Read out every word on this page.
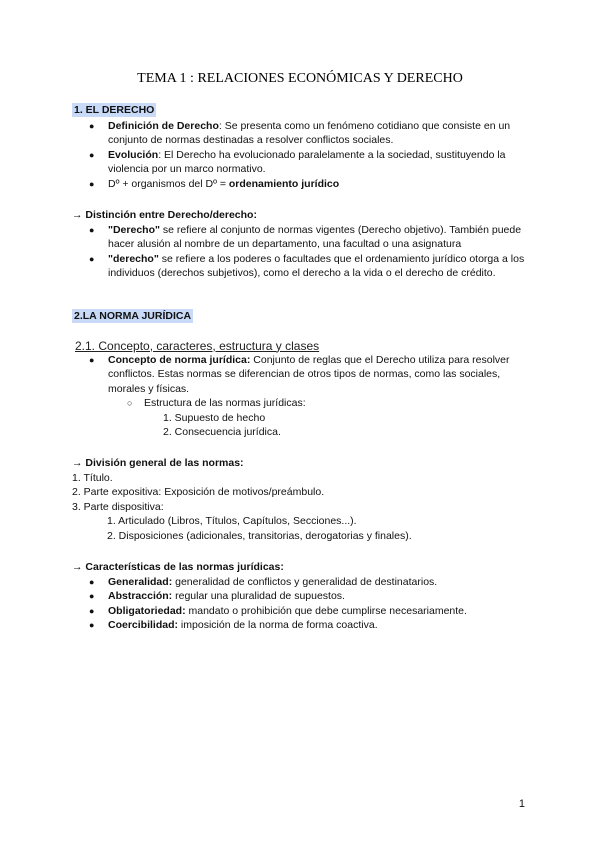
TEMA 1 : RELACIONES ECONÓMICAS Y DERECHO
1. EL DERECHO
● Definición de Derecho: Se presenta como un fenómeno cotidiano que consiste en un conjunto de normas destinadas a resolver conflictos sociales.
● Evolución: El Derecho ha evolucionado paralelamente a la sociedad, sustituyendo la violencia por un marco normativo.
● Dº + organismos del Dº = ordenamiento jurídico
→ Distinción entre Derecho/derecho:
● "Derecho" se refiere al conjunto de normas vigentes (Derecho objetivo). También puede hacer alusión al nombre de un departamento, una facultad o una asignatura
● "derecho" se refiere a los poderes o facultades que el ordenamiento jurídico otorga a los individuos (derechos subjetivos), como el derecho a la vida o el derecho de crédito.
2.LA NORMA JURÍDICA
2.1. Concepto, caracteres, estructura y clases
● Concepto de norma jurídica: Conjunto de reglas que el Derecho utiliza para resolver conflictos. Estas normas se diferencian de otros tipos de normas, como las sociales, morales y físicas.
○ Estructura de las normas jurídicas:
1. Supuesto de hecho
2. Consecuencia jurídica.
→ División general de las normas:
1. Título.
2. Parte expositiva: Exposición de motivos/preámbulo.
3. Parte dispositiva:
1. Articulado (Libros, Títulos, Capítulos, Secciones...).
2. Disposiciones (adicionales, transitorias, derogatorias y finales).
→ Características de las normas jurídicas:
● Generalidad: generalidad de conflictos y generalidad de destinatarios.
● Abstracción: regular una pluralidad de supuestos.
● Obligatoriedad: mandato o prohibición que debe cumplirse necesariamente.
● Coercibilidad: imposición de la norma de forma coactiva.
1
